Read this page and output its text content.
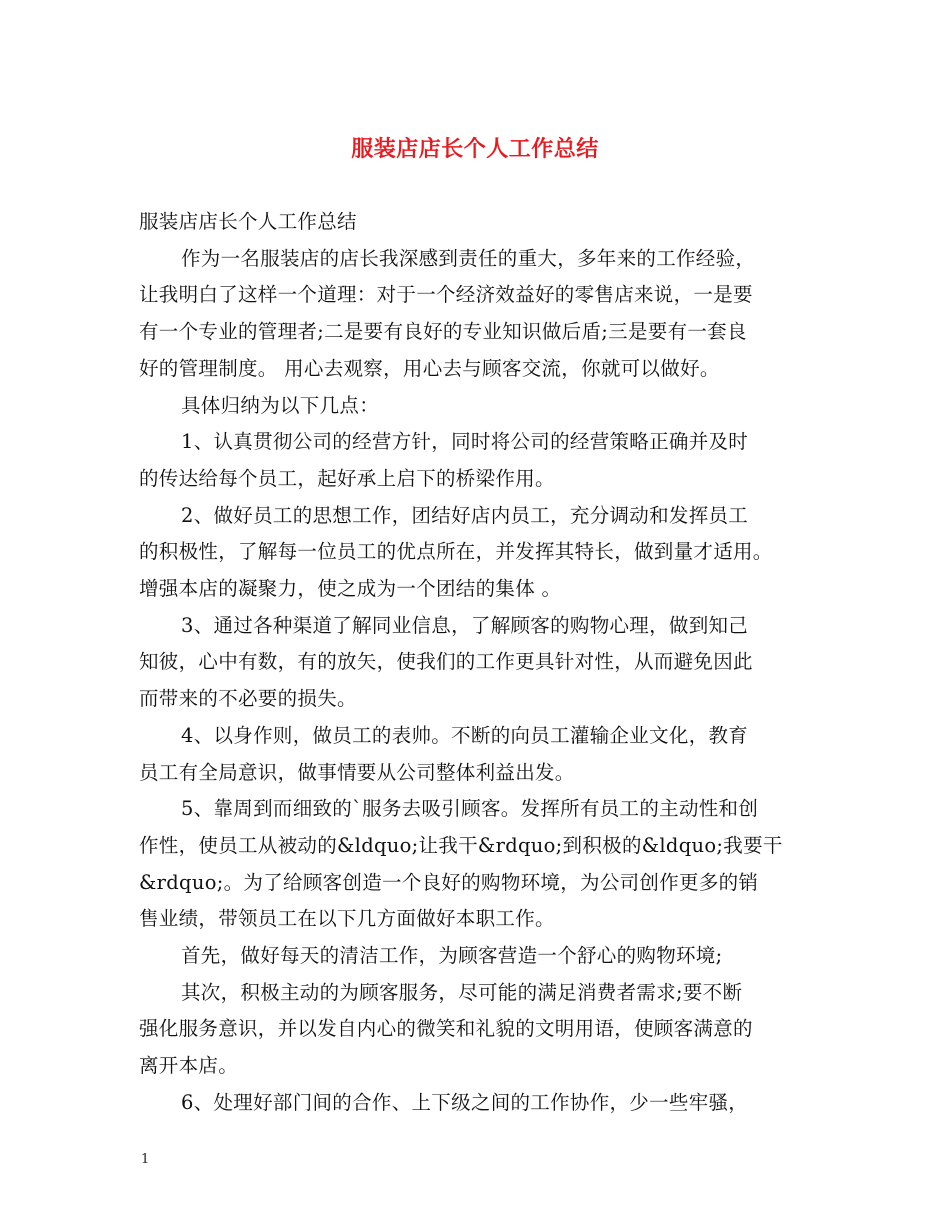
服装店店长个人工作总结

服装店店长个人工作总结

作为一名服装店的店长我深感到责任的重大，多年来的工作经验，

让我明白了这样一个道理：对于一个经济效益好的零售店来说，一是要

有一个专业的管理者;二是要有良好的专业知识做后盾;三是要有一套良

好的管理制度。 用心去观察，用心去与顾客交流，你就可以做好。

具体归纳为以下几点：

1、认真贯彻公司的经营方针，同时将公司的经营策略正确并及时

的传达给每个员工，起好承上启下的桥梁作用。

2、做好员工的思想工作，团结好店内员工，充分调动和发挥员工

的积极性，了解每一位员工的优点所在，并发挥其特长，做到量才适用。

增强本店的凝聚力，使之成为一个团结的集体 。

3、通过各种渠道了解同业信息，了解顾客的购物心理，做到知己

知彼，心中有数，有的放矢，使我们的工作更具针对性，从而避免因此

而带来的不必要的损失。

4、以身作则，做员工的表帅。不断的向员工灌输企业文化，教育

员工有全局意识，做事情要从公司整体利益出发。

5、靠周到而细致的`服务去吸引顾客。发挥所有员工的主动性和创

作性，使员工从被动的&ldquo;让我干&rdquo;到积极的&ldquo;我要干

&rdquo;。为了给顾客创造一个良好的购物环境，为公司创作更多的销

售业绩，带领员工在以下几方面做好本职工作。

首先，做好每天的清洁工作，为顾客营造一个舒心的购物环境;

其次，积极主动的为顾客服务，尽可能的满足消费者需求;要不断

强化服务意识，并以发自内心的微笑和礼貌的文明用语，使顾客满意的

离开本店。

6、处理好部门间的合作、上下级之间的工作协作，少一些牢骚，

1
